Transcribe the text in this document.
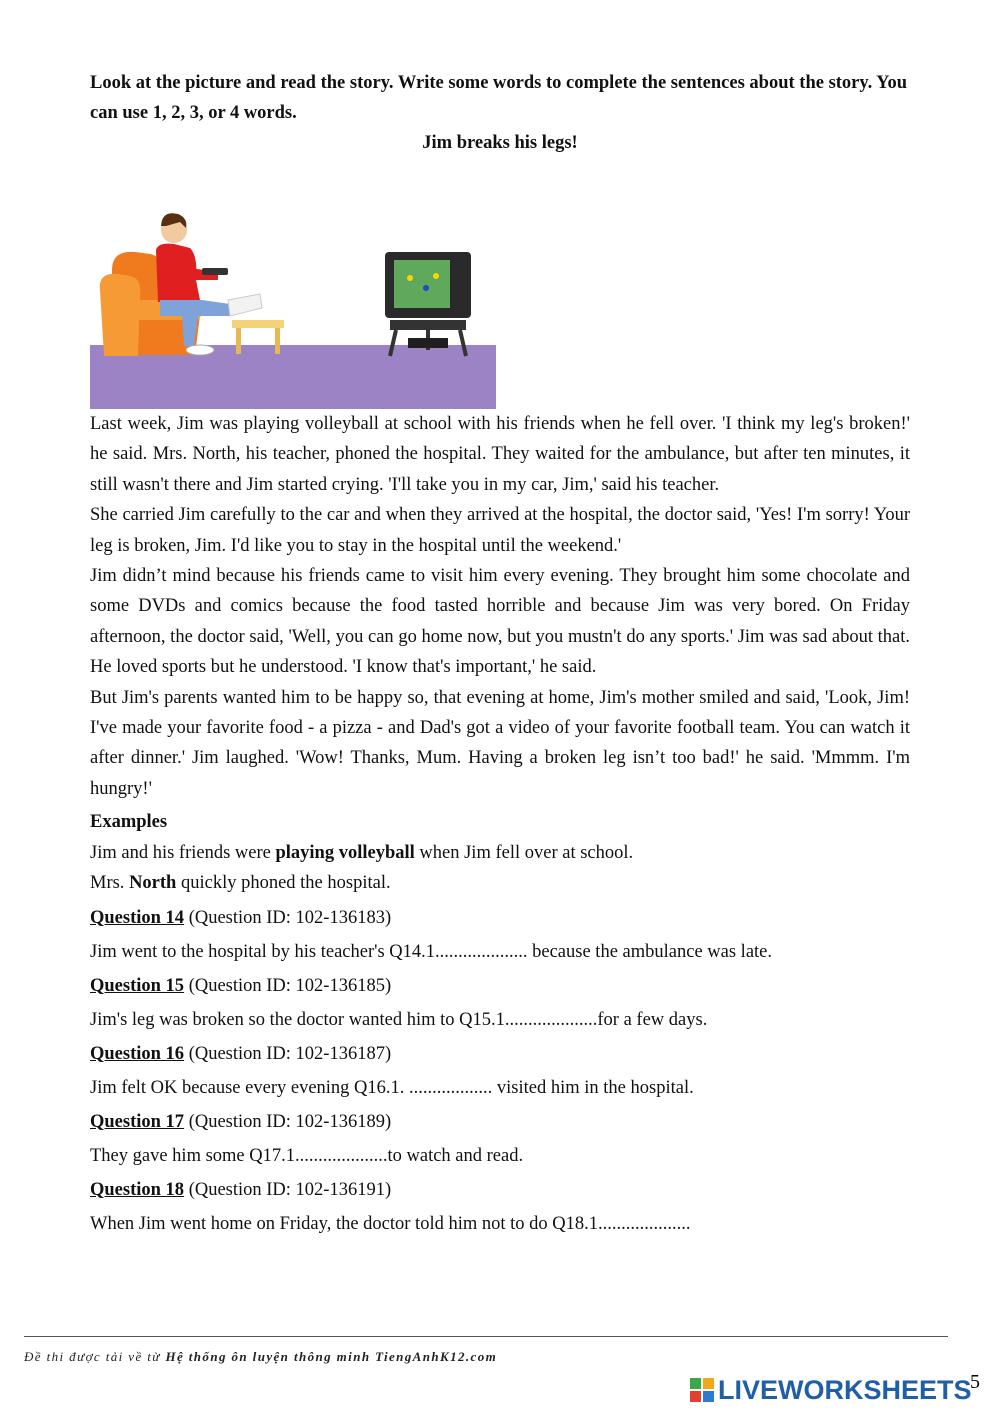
Look at the picture and read the story. Write some words to complete the sentences about the story. You can use 1, 2, 3, or 4 words.

Jim breaks his legs!

Last week, Jim was playing volleyball at school with his friends when he fell over. 'I think my leg's broken!' he said. Mrs. North, his teacher, phoned the hospital. They waited for the ambulance, but after ten minutes, it still wasn't there and Jim started crying. 'I'll take you in my car, Jim,' said his teacher.

She carried Jim carefully to the car and when they arrived at the hospital, the doctor said, 'Yes! I'm sorry! Your leg is broken, Jim. I'd like you to stay in the hospital until the weekend.'

Jim didn’t mind because his friends came to visit him every evening. They brought him some chocolate and some DVDs and comics because the food tasted horrible and because Jim was very bored. On Friday afternoon, the doctor said, 'Well, you can go home now, but you mustn't do any sports.' Jim was sad about that. He loved sports but he understood. 'I know that's important,' he said.

But Jim's parents wanted him to be happy so, that evening at home, Jim's mother smiled and said, 'Look, Jim! I've made your favorite food - a pizza - and Dad's got a video of your favorite football team. You can watch it after dinner.' Jim laughed. 'Wow! Thanks, Mum. Having a broken leg isn’t too bad!' he said. 'Mmmm. I'm hungry!'

Examples

Jim and his friends were playing volleyball when Jim fell over at school.

Mrs. North quickly phoned the hospital.

Question 14 (Question ID: 102-136183)

Jim went to the hospital by his teacher's Q14.1.................... because the ambulance was late.

Question 15 (Question ID: 102-136185)

Jim's leg was broken so the doctor wanted him to Q15.1....................for a few days.

Question 16 (Question ID: 102-136187)

Jim felt OK because every evening Q16.1. .................. visited him in the hospital.

Question 17 (Question ID: 102-136189)

They gave him some Q17.1....................to watch and read.

Question 18 (Question ID: 102-136191)

When Jim went home on Friday, the doctor told him not to do Q18.1....................

Đề thi được tải về từ Hệ thống ôn luyện thông minh TiengAnhK12.com
LIVEWORKSHEETS
5
